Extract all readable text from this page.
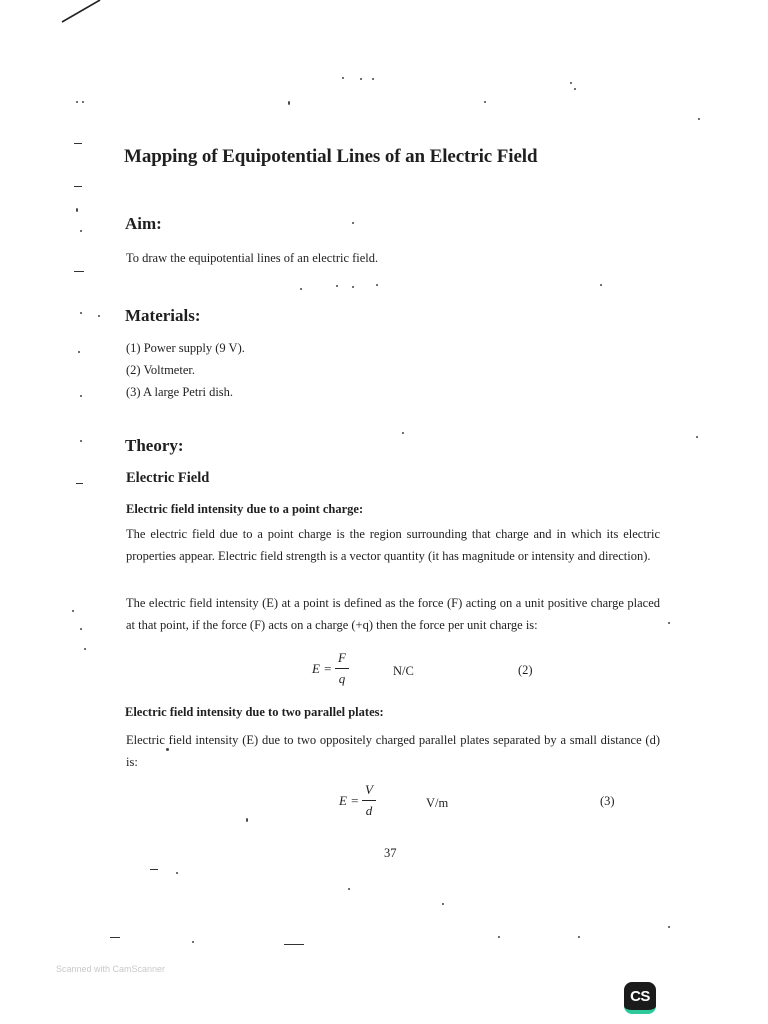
Mapping of Equipotential Lines of an Electric Field
Aim:
To draw the equipotential lines of an electric field.
Materials:
(1) Power supply (9 V).
(2) Voltmeter.
(3) A large Petri dish.
Theory:
Electric Field
Electric field intensity due to a point charge:
The electric field due to a point charge is the region surrounding that charge and in which its electric properties appear. Electric field strength is a vector quantity (it has magnitude or intensity and direction).
The electric field intensity (E) at a point is defined as the force (F) acting on a unit positive charge placed at that point, if the force (F) acts on a charge (+q) then the force per unit charge is:
$E = \frac{F}{q}$	N/C	(2)
Electric field intensity due to two parallel plates:
Electric field intensity (E) due to two oppositely charged parallel plates separated by a small distance (d) is:
$E = \frac{V}{d}$	V/m	(3)
37
Scanned with CamScanner
CS
